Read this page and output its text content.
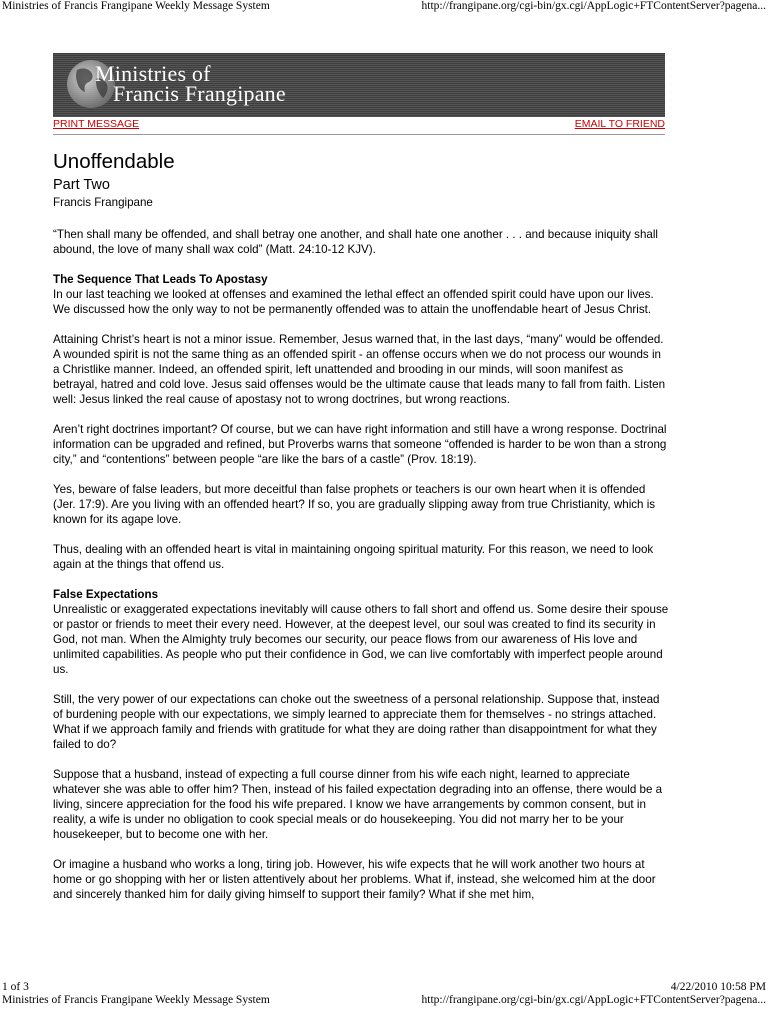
Ministries of Francis Frangipane Weekly Message System	http://frangipane.org/cgi-bin/gx.cgi/AppLogic+FTContentServer?pagena...
Ministries of
Francis Frangipane
PRINT MESSAGE	EMAIL TO FRIEND
Unoffendable
Part Two
Francis Frangipane

“Then shall many be offended, and shall betray one another, and shall hate one another . . . and because iniquity shall abound, the love of many shall wax cold” (Matt. 24:10-12 KJV).

The Sequence That Leads To Apostasy

In our last teaching we looked at offenses and examined the lethal effect an offended spirit could have upon our lives. We discussed how the only way to not be permanently offended was to attain the unoffendable heart of Jesus Christ.

Attaining Christ’s heart is not a minor issue. Remember, Jesus warned that, in the last days, “many” would be offended. A wounded spirit is not the same thing as an offended spirit - an offense occurs when we do not process our wounds in a Christlike manner. Indeed, an offended spirit, left unattended and brooding in our minds, will soon manifest as betrayal, hatred and cold love. Jesus said offenses would be the ultimate cause that leads many to fall from faith. Listen well: Jesus linked the real cause of apostasy not to wrong doctrines, but wrong reactions.

Aren’t right doctrines important? Of course, but we can have right information and still have a wrong response. Doctrinal information can be upgraded and refined, but Proverbs warns that someone “offended is harder to be won than a strong city,” and “contentions” between people “are like the bars of a castle” (Prov. 18:19).

Yes, beware of false leaders, but more deceitful than false prophets or teachers is our own heart when it is offended (Jer. 17:9). Are you living with an offended heart? If so, you are gradually slipping away from true Christianity, which is known for its agape love.

Thus, dealing with an offended heart is vital in maintaining ongoing spiritual maturity. For this reason, we need to look again at the things that offend us.

False Expectations

Unrealistic or exaggerated expectations inevitably will cause others to fall short and offend us. Some desire their spouse or pastor or friends to meet their every need. However, at the deepest level, our soul was created to find its security in God, not man. When the Almighty truly becomes our security, our peace flows from our awareness of His love and unlimited capabilities. As people who put their confidence in God, we can live comfortably with imperfect people around us.

Still, the very power of our expectations can choke out the sweetness of a personal relationship. Suppose that, instead of burdening people with our expectations, we simply learned to appreciate them for themselves - no strings attached. What if we approach family and friends with gratitude for what they are doing rather than disappointment for what they failed to do?

Suppose that a husband, instead of expecting a full course dinner from his wife each night, learned to appreciate whatever she was able to offer him? Then, instead of his failed expectation degrading into an offense, there would be a living, sincere appreciation for the food his wife prepared. I know we have arrangements by common consent, but in reality, a wife is under no obligation to cook special meals or do housekeeping. You did not marry her to be your housekeeper, but to become one with her.

Or imagine a husband who works a long, tiring job. However, his wife expects that he will work another two hours at home or go shopping with her or listen attentively about her problems. What if, instead, she welcomed him at the door and sincerely thanked him for daily giving himself to support their family? What if she met him,

1 of 3	4/22/2010 10:58 PM
Ministries of Francis Frangipane Weekly Message System	http://frangipane.org/cgi-bin/gx.cgi/AppLogic+FTContentServer?pagena...
